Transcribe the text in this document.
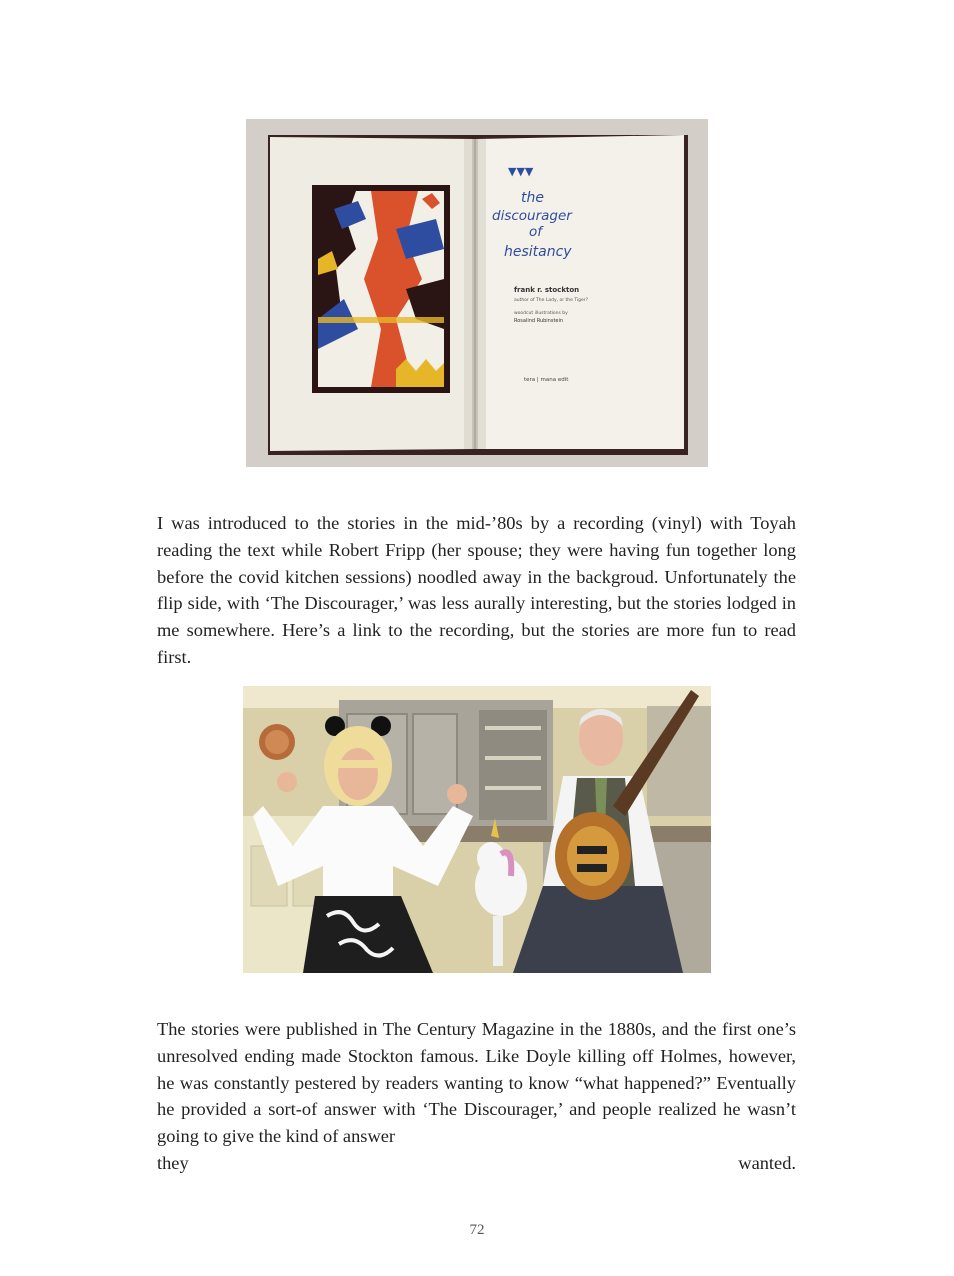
▼▼▼
the
discourager
of
hesitancy
frank r. stockton
author of The Lady, or the Tiger?
woodcut illustrations by
Rosalind Rubinstein
tera | mana edit

I was introduced to the stories in the mid-’80s by a recording (vinyl) with Toyah reading the text while Robert Fripp (her spouse; they were having fun together long before the covid kitchen sessions) noodled away in the backgroud. Unfortunately the flip side, with ‘The Discourager,’ was less aurally interesting, but the stories lodged in me somewhere. Here’s a link to the recording, but the stories are more fun to read first.

The stories were published in The Century Magazine in the 1880s, and the first one’s unresolved ending made Stockton famous. Like Doyle killing off Holmes, however, he was constantly pestered by readers wanting to know “what happened?” Eventually he provided a sort-of answer with ‘The Discourager,’ and people realized he wasn’t going to give the kind of answer
they wanted.

72
